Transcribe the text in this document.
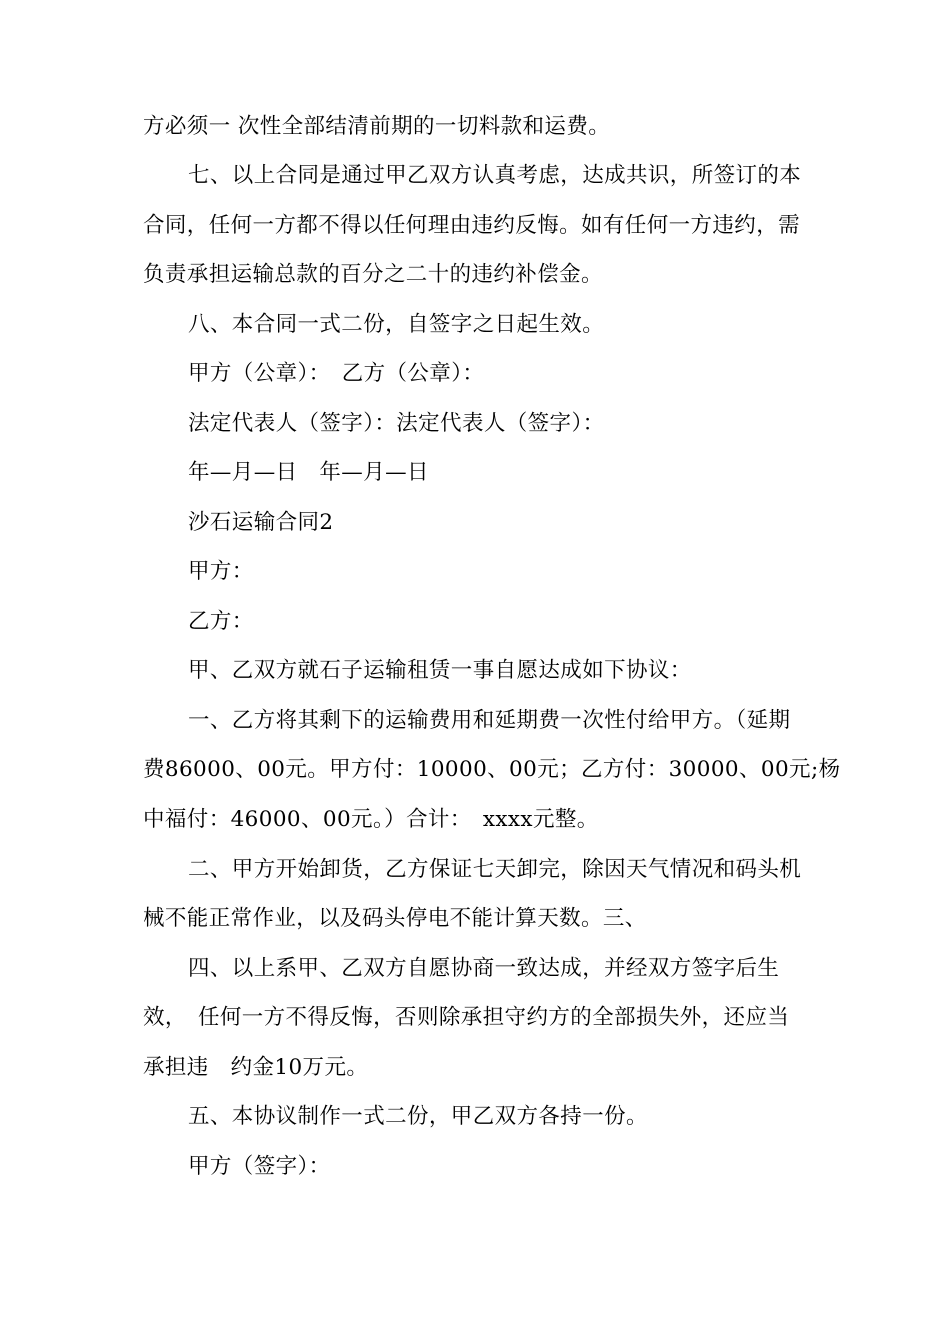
方必须一 次性全部结清前期的一切料款和运费。
七、以上合同是通过甲乙双方认真考虑，达成共识，所签订的本
合同，任何一方都不得以任何理由违约反悔。如有任何一方违约，需
负责承担运输总款的百分之二十的违约补偿金。
八、本合同一式二份，自签字之日起生效。
甲方（公章）：　乙方（公章）：
法定代表人（签字）：法定代表人（签字）：
年—月—日　年—月—日
沙石运输合同2
甲方：
乙方：
甲、乙双方就石子运输租赁一事自愿达成如下协议：
一、乙方将其剩下的运输费用和延期费一次性付给甲方。（延期
费86000、00元。甲方付：10000、00元；乙方付：30000、00元;杨
中福付：46000、00元。）合计：　xxxx元整。
二、甲方开始卸货，乙方保证七天卸完，除因天气情况和码头机
械不能正常作业，以及码头停电不能计算天数。三、
四、以上系甲、乙双方自愿协商一致达成，并经双方签字后生
效，　任何一方不得反悔，否则除承担守约方的全部损失外，还应当
承担违　约金10万元。
五、本协议制作一式二份，甲乙双方各持一份。
甲方（签字）：
